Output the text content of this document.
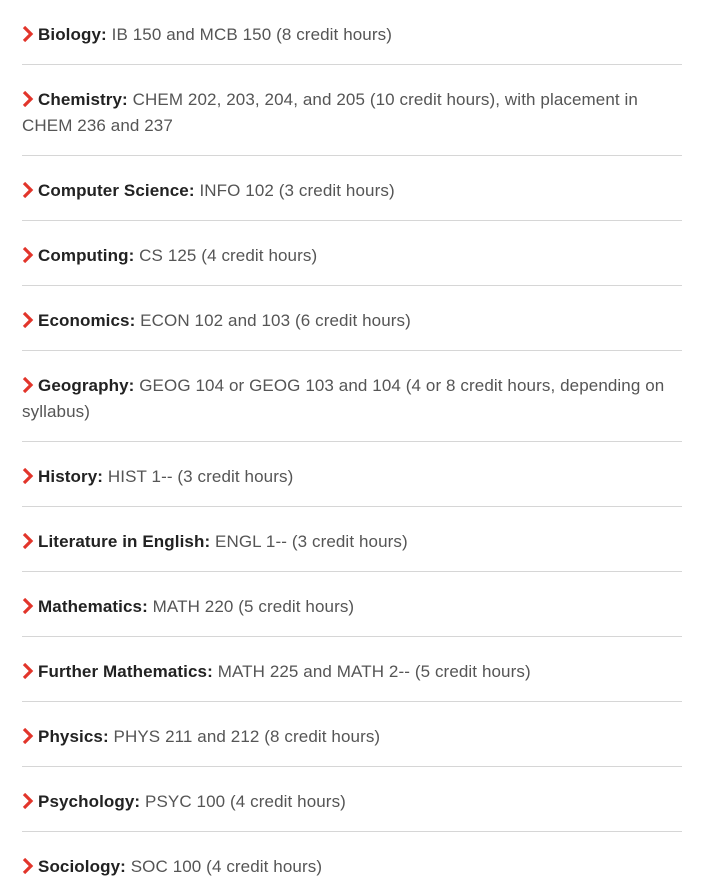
Biology: IB 150 and MCB 150 (8 credit hours)
Chemistry: CHEM 202, 203, 204, and 205 (10 credit hours), with placement in CHEM 236 and 237
Computer Science: INFO 102 (3 credit hours)
Computing: CS 125 (4 credit hours)
Economics: ECON 102 and 103 (6 credit hours)
Geography: GEOG 104 or GEOG 103 and 104 (4 or 8 credit hours, depending on syllabus)
History: HIST 1-- (3 credit hours)
Literature in English: ENGL 1-- (3 credit hours)
Mathematics: MATH 220 (5 credit hours)
Further Mathematics: MATH 225 and MATH 2-- (5 credit hours)
Physics: PHYS 211 and 212 (8 credit hours)
Psychology: PSYC 100 (4 credit hours)
Sociology: SOC 100 (4 credit hours)
